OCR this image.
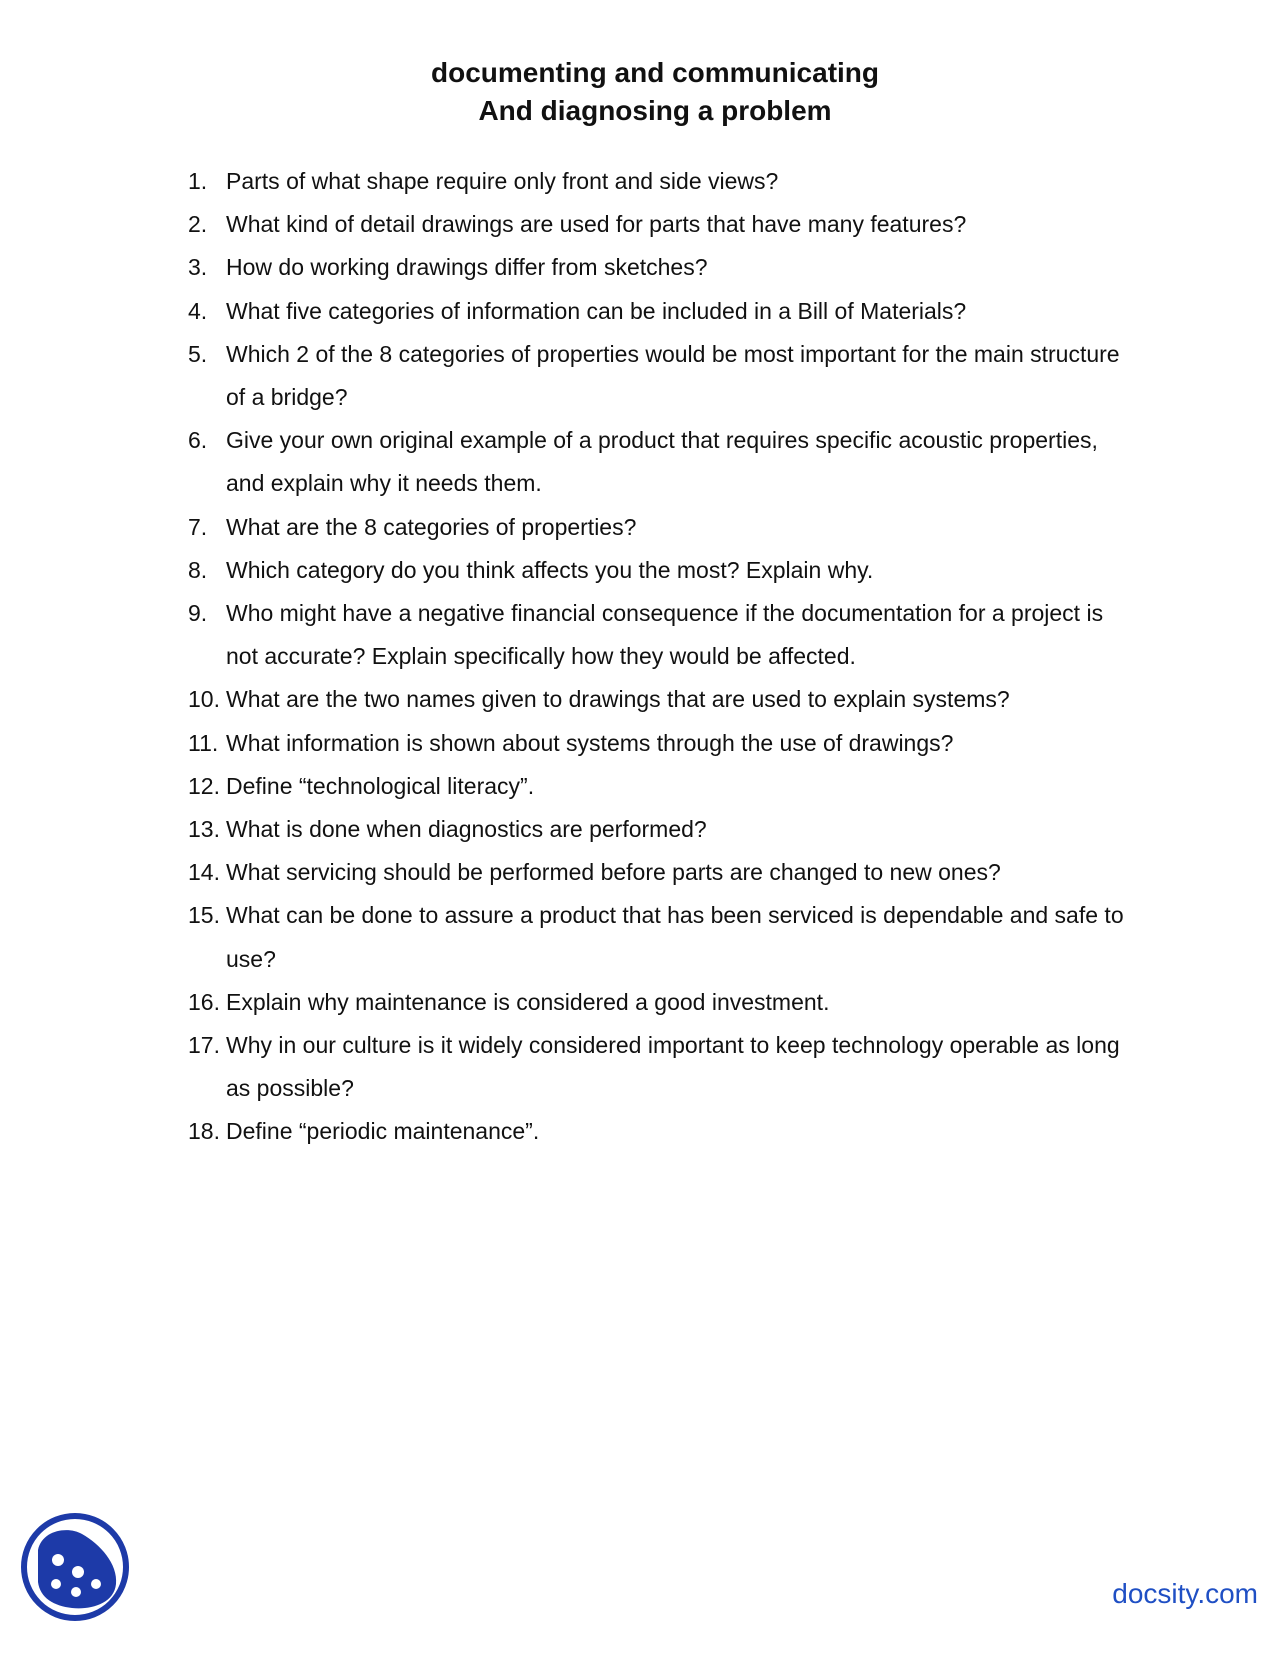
documenting and communicating
And diagnosing a problem
1. Parts of what shape require only front and side views?
2. What kind of detail drawings are used for parts that have many features?
3. How do working drawings differ from sketches?
4. What five categories of information can be included in a Bill of Materials?
5. Which 2 of the 8 categories of properties would be most important for the main structure of a bridge?
6. Give your own original example of a product that requires specific acoustic properties, and explain why it needs them.
7. What are the 8 categories of properties?
8. Which category do you think affects you the most? Explain why.
9. Who might have a negative financial consequence if the documentation for a project is not accurate? Explain specifically how they would be affected.
10. What are the two names given to drawings that are used to explain systems?
11. What information is shown about systems through the use of drawings?
12. Define “technological literacy”.
13. What is done when diagnostics are performed?
14. What servicing should be performed before parts are changed to new ones?
15. What can be done to assure a product that has been serviced is dependable and safe to use?
16. Explain why maintenance is considered a good investment.
17. Why in our culture is it widely considered important to keep technology operable as long as possible?
18. Define “periodic maintenance”.
docsity.com
